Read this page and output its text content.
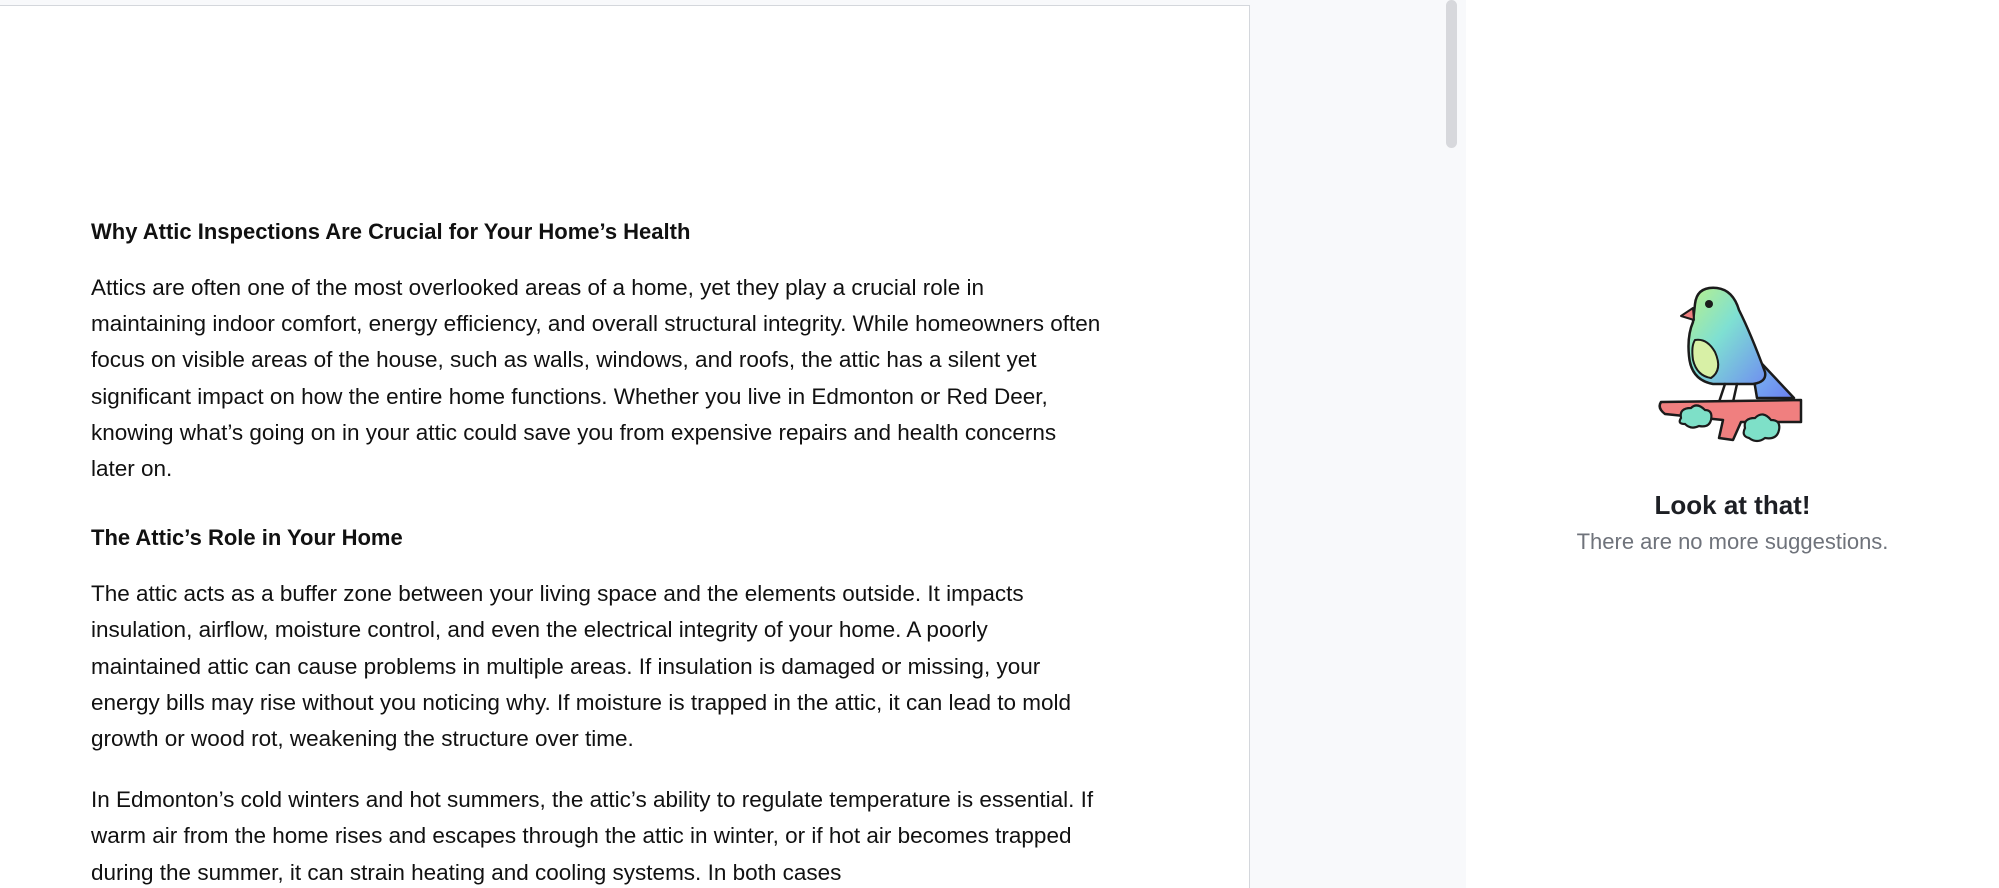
Why Attic Inspections Are Crucial for Your Home’s Health

Attics are often one of the most overlooked areas of a home, yet they play a crucial role in maintaining indoor comfort, energy efficiency, and overall structural integrity. While homeowners often focus on visible areas of the house, such as walls, windows, and roofs, the attic has a silent yet significant impact on how the entire home functions. Whether you live in Edmonton or Red Deer, knowing what’s going on in your attic could save you from expensive repairs and health concerns later on.

The Attic’s Role in Your Home

The attic acts as a buffer zone between your living space and the elements outside. It impacts insulation, airflow, moisture control, and even the electrical integrity of your home. A poorly maintained attic can cause problems in multiple areas. If insulation is damaged or missing, your energy bills may rise without you noticing why. If moisture is trapped in the attic, it can lead to mold growth or wood rot, weakening the structure over time.

In Edmonton’s cold winters and hot summers, the attic’s ability to regulate temperature is essential. If warm air from the home rises and escapes through the attic in winter, or if hot air becomes trapped during the summer, it can strain heating and cooling systems. In both cases

Look at that!
There are no more suggestions.
